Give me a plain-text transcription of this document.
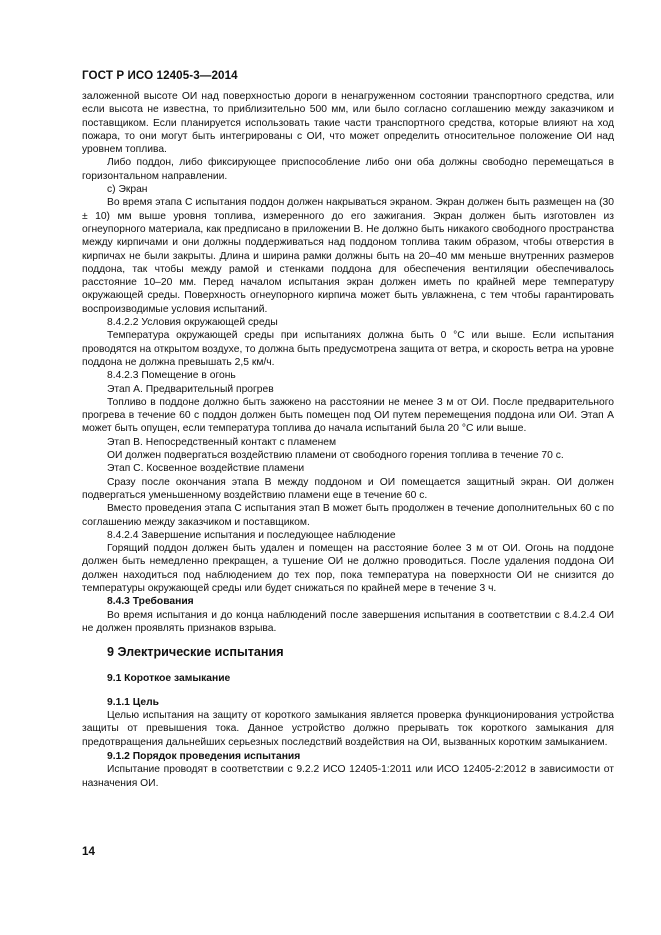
ГОСТ Р ИСО 12405-3—2014

заложенной высоте ОИ над поверхностью дороги в ненагруженном состоянии транспортного средства, или если высота не известна, то приблизительно 500 мм, или было согласно соглашению между заказчиком и поставщиком. Если планируется использовать такие части транспортного средства, которые влияют на ход пожара, то они могут быть интегрированы с ОИ, что может определить относительное положение ОИ над уровнем топлива.

Либо поддон, либо фиксирующее приспособление либо они оба должны свободно перемещаться в горизонтальном направлении.

c) Экран

Во время этапа С испытания поддон должен накрываться экраном. Экран должен быть размещен на (30 ± 10) мм выше уровня топлива, измеренного до его зажигания. Экран должен быть изготовлен из огнеупорного материала, как предписано в приложении В. Не должно быть никакого свободного пространства между кирпичами и они должны поддерживаться над поддоном топлива таким образом, чтобы отверстия в кирпичах не были закрыты. Длина и ширина рамки должны быть на 20–40 мм меньше внутренних размеров поддона, так чтобы между рамой и стенками поддона для обеспечения вентиляции обеспечивалось расстояние 10–20 мм. Перед началом испытания экран должен иметь по крайней мере температуру окружающей среды. Поверхность огнеупорного кирпича может быть увлажнена, с тем чтобы гарантировать воспроизводимые условия испытаний.

8.4.2.2 Условия окружающей среды

Температура окружающей среды при испытаниях должна быть 0 °С или выше. Если испытания проводятся на открытом воздухе, то должна быть предусмотрена защита от ветра, и скорость ветра на уровне поддона не должна превышать 2,5 км/ч.

8.4.2.3 Помещение в огонь

Этап А. Предварительный прогрев

Топливо в поддоне должно быть зажжено на расстоянии не менее 3 м от ОИ. После предварительного прогрева в течение 60 с поддон должен быть помещен под ОИ путем перемещения поддона или ОИ. Этап А может быть опущен, если температура топлива до начала испытаний была 20 °С или выше.

Этап В. Непосредственный контакт с пламенем

ОИ должен подвергаться воздействию пламени от свободного горения топлива в течение 70 с.

Этап С. Косвенное воздействие пламени

Сразу после окончания этапа В между поддоном и ОИ помещается защитный экран. ОИ должен подвергаться уменьшенному воздействию пламени еще в течение 60 с.

Вместо проведения этапа С испытания этап В может быть продолжен в течение дополнительных 60 с по соглашению между заказчиком и поставщиком.

8.4.2.4 Завершение испытания и последующее наблюдение

Горящий поддон должен быть удален и помещен на расстояние более 3 м от ОИ. Огонь на поддоне должен быть немедленно прекращен, а тушение ОИ не должно проводиться. После удаления поддона ОИ должен находиться под наблюдением до тех пор, пока температура на поверхности ОИ не снизится до температуры окружающей среды или будет снижаться по крайней мере в течение 3 ч.

8.4.3 Требования

Во время испытания и до конца наблюдений после завершения испытания в соответствии с 8.4.2.4 ОИ не должен проявлять признаков взрыва.

9 Электрические испытания

9.1 Короткое замыкание

9.1.1 Цель

Целью испытания на защиту от короткого замыкания является проверка функционирования устройства защиты от превышения тока. Данное устройство должно прерывать ток короткого замыкания для предотвращения дальнейших серьезных последствий воздействия на ОИ, вызванных коротким замыканием.

9.1.2 Порядок проведения испытания

Испытание проводят в соответствии с 9.2.2 ИСО 12405-1:2011 или ИСО 12405-2:2012 в зависимости от назначения ОИ.

14
